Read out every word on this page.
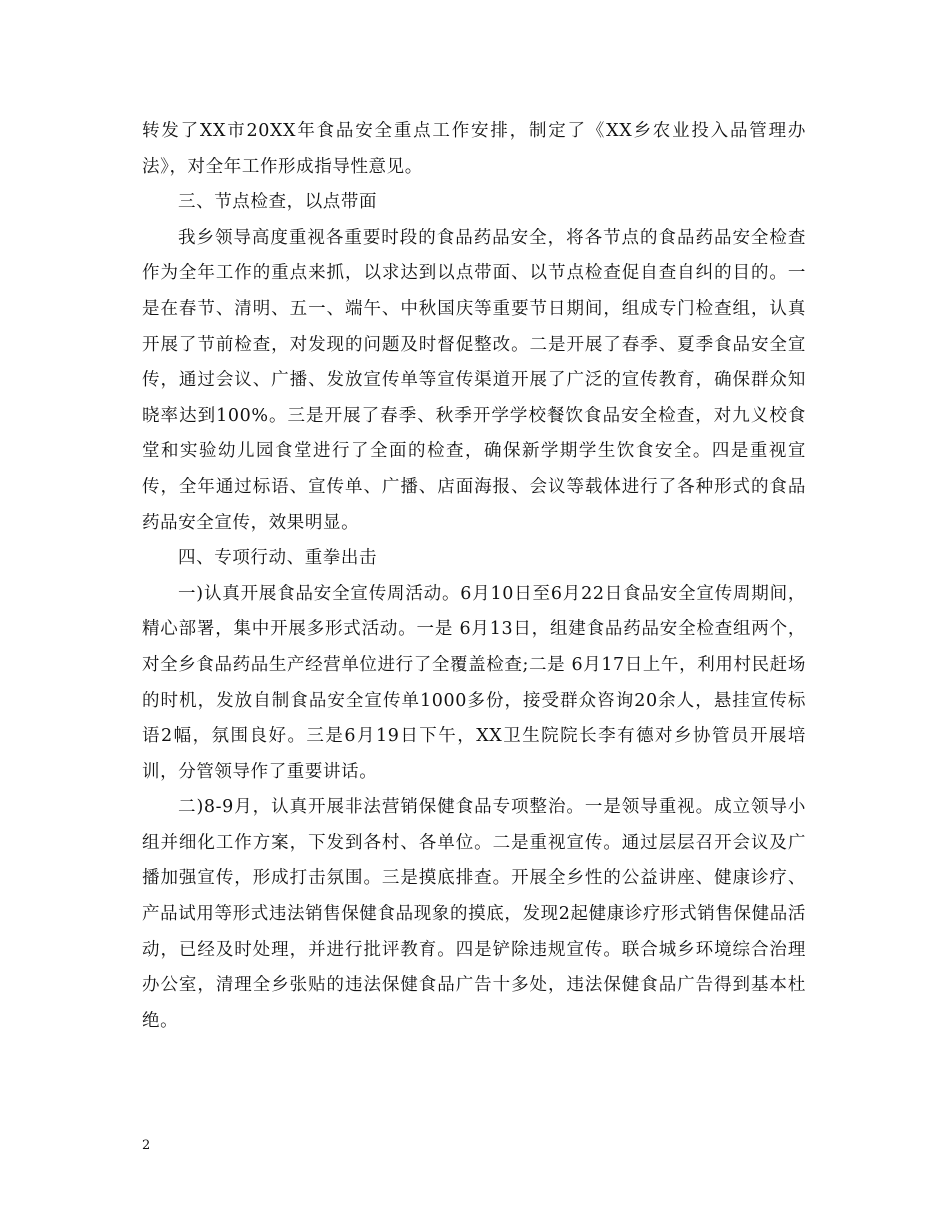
转发了XX市20XX年食品安全重点工作安排，制定了《XX乡农业投入品管理办法》，对全年工作形成指导性意见。

三、节点检查，以点带面

我乡领导高度重视各重要时段的食品药品安全，将各节点的食品药品安全检查作为全年工作的重点来抓，以求达到以点带面、以节点检查促自查自纠的目的。一是在春节、清明、五一、端午、中秋国庆等重要节日期间，组成专门检查组，认真开展了节前检查，对发现的问题及时督促整改。二是开展了春季、夏季食品安全宣传，通过会议、广播、发放宣传单等宣传渠道开展了广泛的宣传教育，确保群众知晓率达到100%。三是开展了春季、秋季开学学校餐饮食品安全检查，对九义校食堂和实验幼儿园食堂进行了全面的检查，确保新学期学生饮食安全。四是重视宣传，全年通过标语、宣传单、广播、店面海报、会议等载体进行了各种形式的食品药品安全宣传，效果明显。

四、专项行动、重拳出击

一)认真开展食品安全宣传周活动。6月10日至6月22日食品安全宣传周期间，精心部署，集中开展多形式活动。一是 6月13日，组建食品药品安全检查组两个，对全乡食品药品生产经营单位进行了全覆盖检查;二是 6月17日上午，利用村民赶场的时机，发放自制食品安全宣传单1000多份，接受群众咨询20余人，悬挂宣传标语2幅，氛围良好。三是6月19日下午，XX卫生院院长李有德对乡协管员开展培训，分管领导作了重要讲话。

二)8-9月，认真开展非法营销保健食品专项整治。一是领导重视。成立领导小组并细化工作方案，下发到各村、各单位。二是重视宣传。通过层层召开会议及广播加强宣传，形成打击氛围。三是摸底排查。开展全乡性的公益讲座、健康诊疗、产品试用等形式违法销售保健食品现象的摸底，发现2起健康诊疗形式销售保健品活动，已经及时处理，并进行批评教育。四是铲除违规宣传。联合城乡环境综合治理办公室，清理全乡张贴的违法保健食品广告十多处，违法保健食品广告得到基本杜绝。

2
